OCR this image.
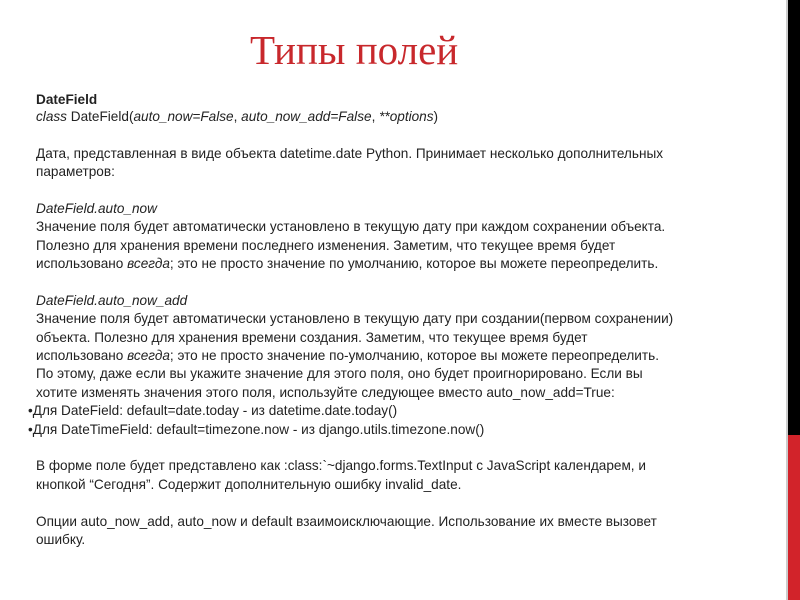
Типы полей
DateField
class DateField(auto_now=False, auto_now_add=False, **options)
Дата, представленная в виде объекта datetime.date Python. Принимает несколько дополнительных
параметров:
DateField.auto_now
Значение поля будет автоматически установлено в текущую дату при каждом сохранении объекта.
Полезно для хранения времени последнего изменения. Заметим, что текущее время будет
использовано всегда; это не просто значение по умолчанию, которое вы можете переопределить.
DateField.auto_now_add
Значение поля будет автоматически установлено в текущую дату при создании(первом сохранении)
объекта. Полезно для хранения времени создания. Заметим, что текущее время будет
использовано всегда; это не просто значение по-умолчанию, которое вы можете переопределить.
По этому, даже если вы укажите значение для этого поля, оно будет проигнорировано. Если вы
хотите изменять значения этого поля, используйте следующее вместо auto_now_add=True:
•Для DateField: default=date.today - из datetime.date.today()
•Для DateTimeField: default=timezone.now - из django.utils.timezone.now()
В форме поле будет представлено как :class:`~django.forms.TextInput с JavaScript календарем, и
кнопкой “Сегодня”. Содержит дополнительную ошибку invalid_date.
Опции auto_now_add, auto_now и default взаимоисключающие. Использование их вместе вызовет
ошибку.
